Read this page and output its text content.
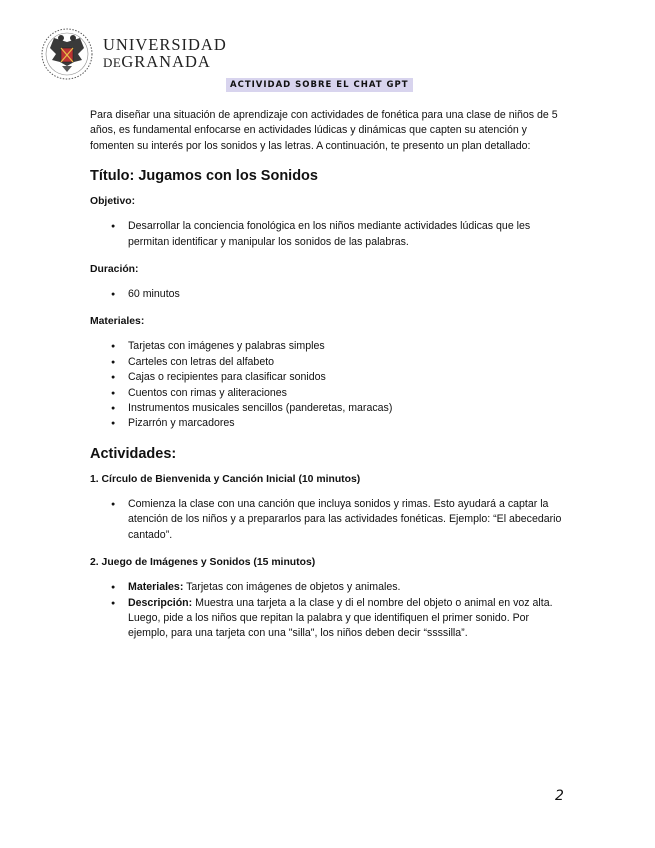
UNIVERSIDAD
DEGRANADA
ACTIVIDAD SOBRE EL CHAT GPT

Para diseñar una situación de aprendizaje con actividades de fonética para una clase de niños de 5 años, es fundamental enfocarse en actividades lúdicas y dinámicas que capten su atención y fomenten su interés por los sonidos y las letras. A continuación, te presento un plan detallado:

Título: Jugamos con los Sonidos
Objetivo:
● Desarrollar la conciencia fonológica en los niños mediante actividades lúdicas que les permitan identificar y manipular los sonidos de las palabras.
Duración:
● 60 minutos
Materiales:
● Tarjetas con imágenes y palabras simples
● Carteles con letras del alfabeto
● Cajas o recipientes para clasificar sonidos
● Cuentos con rimas y aliteraciones
● Instrumentos musicales sencillos (panderetas, maracas)
● Pizarrón y marcadores
Actividades:
1. Círculo de Bienvenida y Canción Inicial (10 minutos)
● Comienza la clase con una canción que incluya sonidos y rimas. Esto ayudará a captar la atención de los niños y a prepararlos para las actividades fonéticas. Ejemplo: “El abecedario cantado”.
2. Juego de Imágenes y Sonidos (15 minutos)
● Materiales: Tarjetas con imágenes de objetos y animales.
● Descripción: Muestra una tarjeta a la clase y di el nombre del objeto o animal en voz alta. Luego, pide a los niños que repitan la palabra y que identifiquen el primer sonido. Por ejemplo, para una tarjeta con una "silla", los niños deben decir “ssssilla”.
2
